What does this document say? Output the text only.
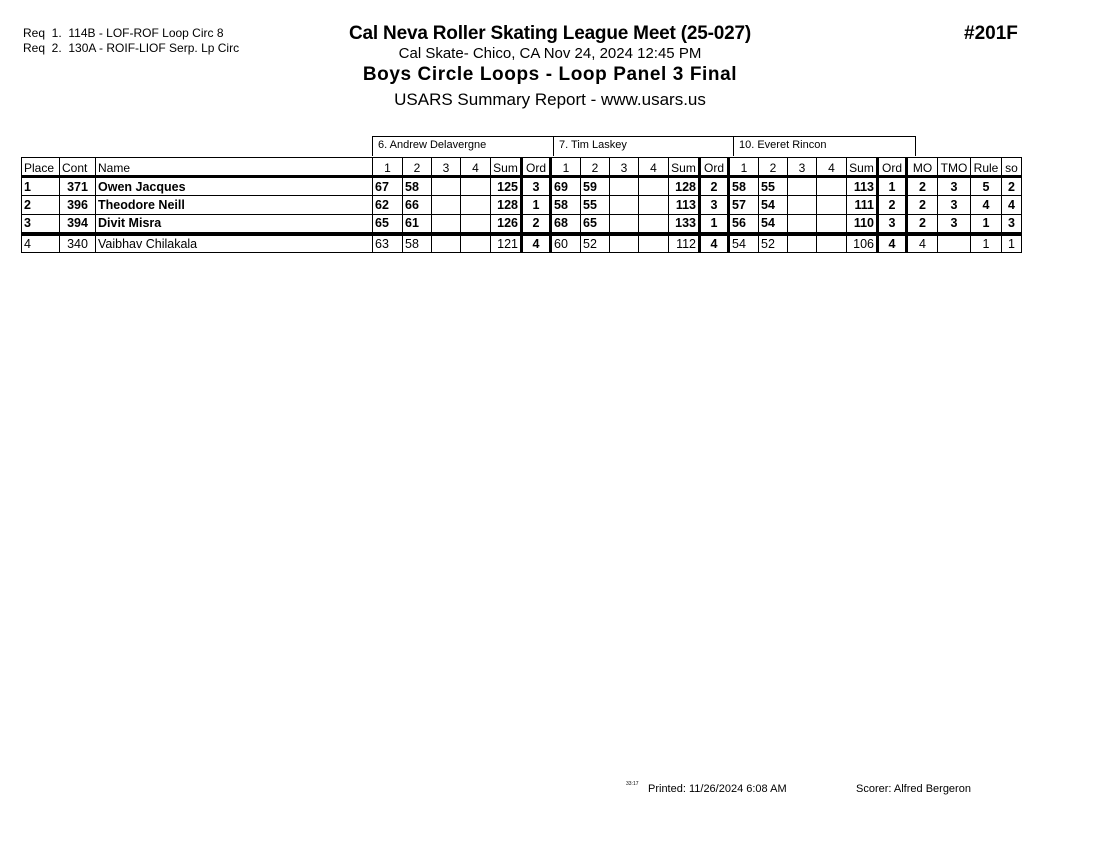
Req  1.  114B - LOF-ROF Loop Circ 8
Req  2.  130A - ROIF-LIOF Serp. Lp Circ
Cal Neva Roller Skating League Meet (25-027)
Cal Skate- Chico, CA Nov 24, 2024 12:45 PM
Boys Circle Loops - Loop Panel 3 Final
USARS Summary Report - www.usars.us
#201F
6. Andrew Delavergne	7. Tim Laskey	10. Everet Rincon
Place	Cont	Name	1	2	3	4	Sum	Ord	1	2	3	4	Sum	Ord	1	2	3	4	Sum	Ord	MO	TMO	Rule	so
1	371	Owen Jacques	67	58			125	3	69	59			128	2	58	55			113	1	2	3	5	2
2	396	Theodore Neill	62	66			128	1	58	55			113	3	57	54			111	2	2	3	4	4
3	394	Divit Misra	65	61			126	2	68	65			133	1	56	54			110	3	2	3	1	3
4	340	Vaibhav Chilakala	63	58			121	4	60	52			112	4	54	52			106	4	4		1	1
33:17 Printed: 11/26/2024 6:08 AM	Scorer: Alfred Bergeron
